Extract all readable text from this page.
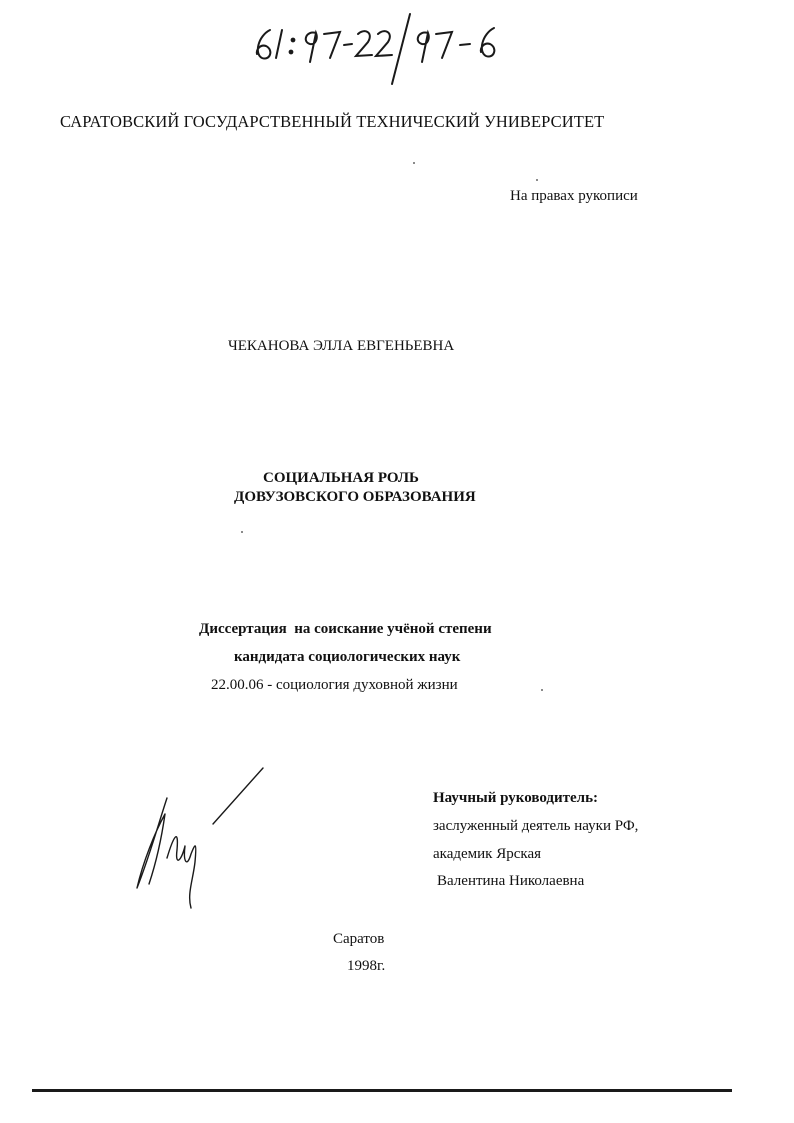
61:97-22/97-6
САРАТОВСКИЙ ГОСУДАРСТВЕННЫЙ ТЕХНИЧЕСКИЙ УНИВЕРСИТЕТ
На правах рукописи
ЧЕКАНОВА ЭЛЛА ЕВГЕНЬЕВНА
СОЦИАЛЬНАЯ РОЛЬ
ДОВУЗОВСКОГО ОБРАЗОВАНИЯ
Диссертация  на соискание учёной степени
кандидата социологических наук
22.00.06 - социология духовной жизни
Научный руководитель:
заслуженный деятель науки РФ,
академик Ярская
Валентина Николаевна
Саратов
1998г.
